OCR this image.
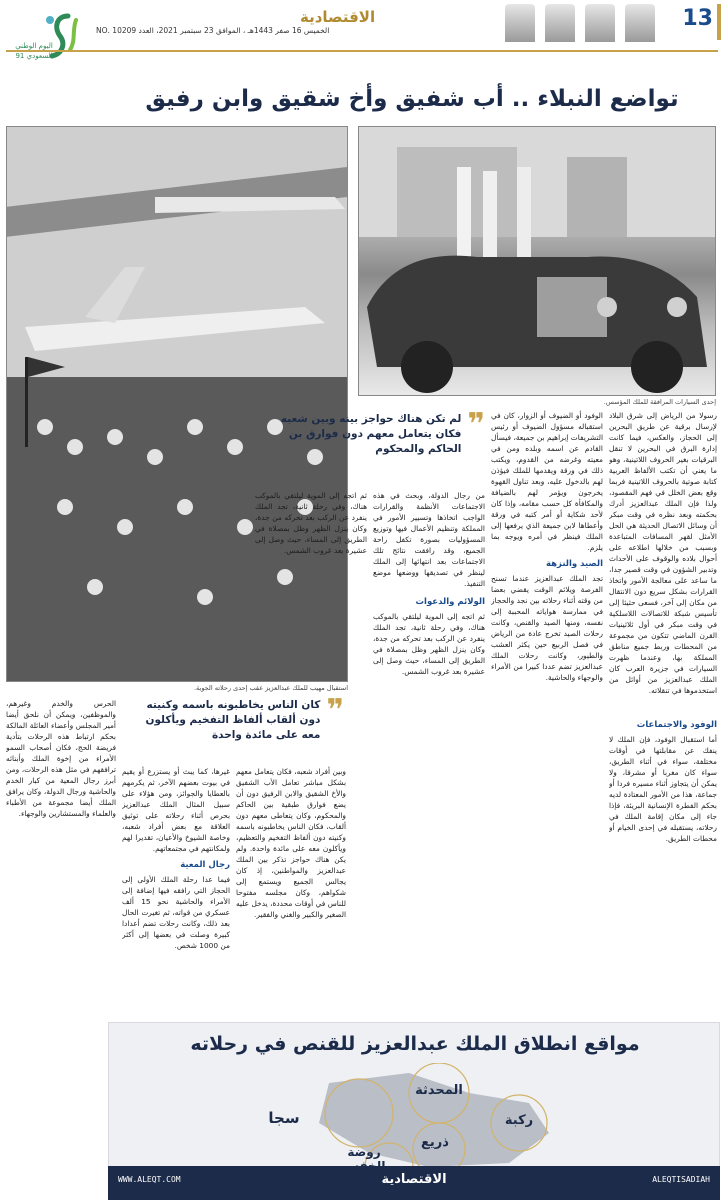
13
الاقتصادية
الخميس 16 صفر 1443هـ ، الموافق 23 سبتمبر 2021، العدد 10209 .NO
اليوم الوطني
السعودي 91
تواضع النبلاء .. أب شفيق وأخ شقيق وابن رفيق
إحدى السيارات المرافقة للملك المؤسس.
استقبال مهيب للملك عبدالعزيز عقب إحدى رحلاته الجوية.
رسولا من الرياض إلى شرق البلاد لإرسال برقية عن طريق البحرين إلى الحجاز، والعكس، فيما كانت إدارة البرق في البحرين لا تنقل البرقيات بغير الحروف اللاتينية، وهو ما يعني أن تكتب الألفاظ العربية كتابة صوتية بالحروف اللاتينية فربما وقع بعض الخلل في فهم المقصود، ولذا فإن الملك عبدالعزيز أدرك بحكمته وبعد نظره في وقت مبكر أن وسائل الاتصال الحديثة هي الحل الأمثل لقهر المسافات المتباعدة وبسبب من خلالها اطلاعه على أحوال بلاده والوقوف على الأحداث وتدبير الشؤون في وقت قصير جدا، ما ساعد على معالجة الأمور واتخاذ القرارات بشكل سريع دون الانتقال من مكان إلى آخر، فسعى حثيثا إلى تأسيس شبكة للاتصالات اللاسلكية في وقت مبكر في أول ثلاثينيات القرن الماضي تتكون من مجموعة من المحطات وربط جميع مناطق المملكة بها، وعندما ظهرت السيارات في جزيرة العرب كان الملك عبدالعزيز من أوائل من استخدموها في تنقلاته.
الوفود والاجتماعات
أما استقبال الوفود، فإن الملك لا ينفك عن مقابلتها في أوقات مختلفة، سواء في أثناء الطريق، سواء كان مغربا أو مشرقا، ولا يمكن أن يتجاوز أثناء مسيره فردا أو جماعة، هذا من الأمور المعتادة لديه بحكم الفطرة الإنسانية البريئة، فإذا جاء إلى مكان إقامة الملك في رحلاته، يستقبله في إحدى الخيام أو محطات الطريق.
الوفود أو الضيوف أو الزوار، كان في استقباله مسؤول الضيوف أو رئيس التشريفات إبراهيم بن جميعة، فيسأل القادم عن اسمه وبلده ومن في معيته وغرضه من القدوم، ويكتب ذلك في ورقة ويقدمها للملك فيؤذن لهم بالدخول عليه، وبعد تناول القهوة يخرجون ويؤمر لهم بالضيافة والمكافأة كل حسب مقامه، وإذا كان لأحد شكاية أو أمر كتبه في ورقة وأعطاها لابن جميعة الذي يرفعها إلى الملك فينظر في أمره ويوجه بما يلزم.
الصيد والنزهة
تجد الملك عبدالعزيز عندما تسنح الفرصة ويلائم الوقت يقضي بعضا من وقته أثناء رحلاته بين نجد والحجاز في ممارسة هواياته المحببة إلى نفسه، ومنها الصيد والقنص، وكانت رحلات الصيد تخرج عادة من الرياض في فصل الربيع حين يكثر العشب والطيور، وكانت رحلات الملك عبدالعزيز تضم عددا كبيرا من الأمراء والوجهاء والحاشية.
❞
لم تكن هناك حواجز بينه وبين شعبه فكان يتعامل معهم دون فوارق بن الحاكم والمحكوم
من رجال الدولة، وبحث في هذه الاجتماعات الأنظمة والقرارات الواجب اتخاذها وتسيير الأمور في المملكة وتنظيم الأعمال فيها وتوزيع المسؤوليات بصورة تكفل راحة الجميع، وقد رافقت نتائج تلك الاجتماعات بعد انتهائها إلى الملك لينظر في تصديقها ووضعها موضع التنفيذ.
الولائم والدعوات
ثم اتجه إلى الموية ليلتقي بالموكب هناك، وفي رحلة ثانية، تجد الملك ينفرد عن الركب بعد تحركه من جدة، وكان ينزل الظهر وظل بمصلاة في الطريق إلى المساء، حيث وصل إلى عشيرة بعد غروب الشمس.
ثم اتجه إلى الموية ليلتقي بالموكب هناك، وفي رحلة ثانية، تجد الملك ينفرد عن الركب بعد تحركه من جدة، وكان ينزل الظهر وظل بمصلاة في الطريق إلى المساء، حيث وصل إلى عشيرة بعد غروب الشمس.
❞
كان الناس يخاطبونه باسمه وكنيته دون ألقاب ألفاظ التفخيم ويأكلون معه على مائدة واحدة
وبين أفراد شعبه، فكان يتعامل معهم بشكل مباشر تعامل الأب الشفيق والأخ الشقيق والابن الرفيق دون أن يضع فوارق طبقية بين الحاكم والمحكوم، وكان يتعاطى معهم دون ألقاب، فكان الناس يخاطبونه باسمه وكنيته دون ألفاظ التفخيم والتعظيم، ويأكلون معه على مائدة واحدة. ولم يكن هناك حواجز تذكر بين الملك عبدالعزيز والمواطنين، إذ كان يجالس الجميع ويستمع إلى شكواهم، وكان مجلسه مفتوحا للناس في أوقات محددة، يدخل عليه الصغير والكبير والغني والفقير.
غيرها، كما يبث أو يستزرع أو يقيم في بيوت بعضهم الآخر، ثم يكرمهم بالعطايا والجوائز، ومن هؤلاء على سبيل المثال الملك عبدالعزيز بحرص أثناء رحلاته على توثيق العلاقة مع بعض أفراد شعبه، وخاصة الشيوخ والأعيان، تقديرا لهم ولمكانتهم في مجتمعاتهم.
رجال المعية
فيما عدا رحلة الملك الأولى إلى الحجاز التي رافقه فيها إضافة إلى الأمراء والحاشية نحو 15 ألف عسكري من قواته، ثم تغيرت الحال بعد ذلك، وكانت رحلات تضم أعدادا كبيرة وصلت في بعضها إلى أكثر من 1000 شخص.
الحرس والخدم وغيرهم، والموظفين، ويمكن أن نلحق أيضا أمير المجلس وأعضاء العائلة المالكة بحكم ارتباط هذه الرحلات بتأدية فريضة الحج، فكان أصحاب السمو الأمراء من إخوة الملك وأبنائه ترافقهم في مثل هذه الرحلات، ومن أبرز رجال المعية من كبار الخدم والحاشية ورجال الدولة، وكان يرافق الملك أيضا مجموعة من الأطباء والعلماء والمستشارين والوجهاء.
مواقع انطلاق الملك عبدالعزيز للقنص في رحلاته
المحدثة
ركبة
ذريع
روضة
سجا
WWW.ALEQT.COM	الاقتصادية	ALEQTISADIAH
